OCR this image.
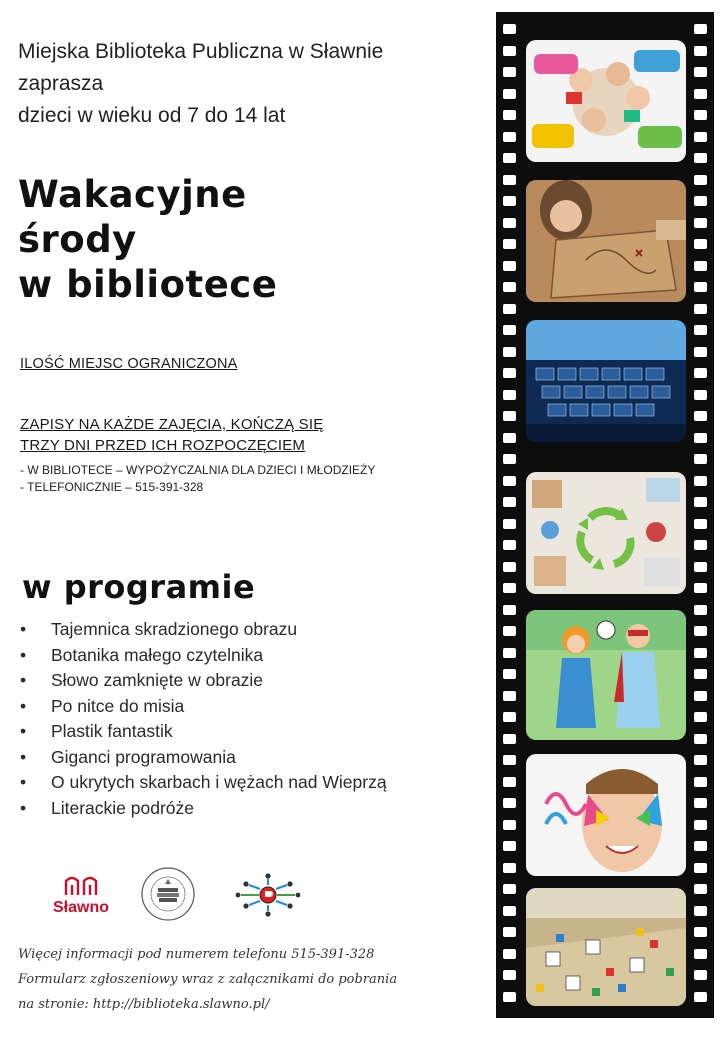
Miejska Biblioteka Publiczna w Sławnie
zaprasza
dzieci w wieku od 7 do 14 lat
Wakacyjne
środy
w bibliotece
ILOŚĆ MIEJSC OGRANICZONA
ZAPISY NA KAŻDE ZAJĘCIA, KOŃCZĄ SIĘ
TRZY DNI PRZED ICH ROZPOCZĘCIEM
- W BIBLIOTECE – WYPOŻYCZALNIA DLA DZIECI I MŁODZIEŻY
- TELEFONICZNIE – 515-391-328
w programie
• Tajemnica skradzionego obrazu
• Botanika małego czytelnika
• Słowo zamknięte w obrazie
• Po nitce do misia
• Plastik fantastik
• Giganci programowania
• O ukrytych skarbach i wężach nad Wieprzą
• Literackie podróże
Sławno
Więcej informacji pod numerem telefonu 515-391-328
Formularz zgłoszeniowy wraz z załącznikami do pobrania
na stronie: http://biblioteka.slawno.pl/
